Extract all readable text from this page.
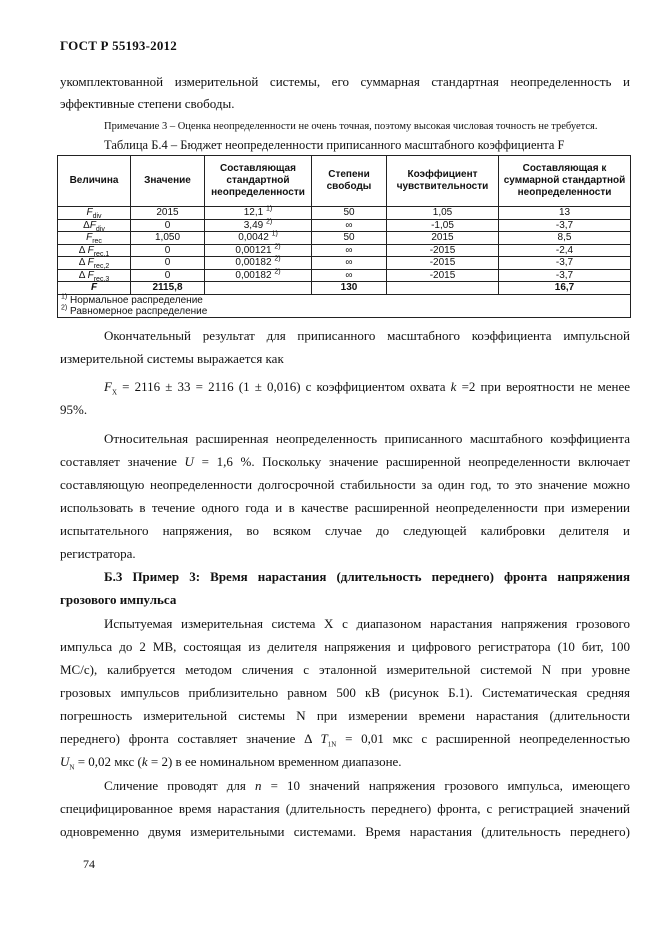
ГОСТ Р 55193-2012
укомплектованной измерительной системы, его суммарная стандартная неопределенность и
эффективные степени свободы.
Примечание 3 – Оценка неопределенности не очень точная, поэтому высокая числовая точность не требуется.
Таблица Б.4 – Бюджет неопределенности приписанного масштабного коэффициента F
Величина	Значение	Составляющая стандартной неопределенности	Степени свободы	Коэффициент чувствительности	Составляющая к суммарной стандартной неопределенности
$F_{div}$	2015	12,1 $^{1)}$	50	1,05	13
$\Delta F_{div}$	0	3,49 $^{2)}$	∞	-1,05	-3,7
$F_{rec}$	1,050	0,0042 $^{1)}$	50	2015	8,5
Δ $F_{rec,1}$	0	0,00121 $^{2)}$	∞	-2015	-2,4
Δ $F_{rec,2}$	0	0,00182 $^{2)}$	∞	-2015	-3,7
Δ $F_{rec,3}$	0	0,00182 $^{2)}$	∞	-2015	-3,7
F	2115,8		130		16,7

$^{1)}$ Нормальное распределение
$^{2)}$ Равномерное распределение					
Окончательный результат для приписанного масштабного коэффициента импульсной
измерительной системы выражается как
$F_X = 2116 \pm 33 = 2116$ (1 ± 0,016) с коэффициентом охвата k =2 при вероятности не менее
95%.
Относительная расширенная неопределенность приписанного масштабного коэффициента
составляет значение U = 1,6 %. Поскольку значение расширенной неопределенности включает
составляющую неопределенности долгосрочной стабильности за один год, то это значение можно
использовать в течение одного года и в качестве расширенной неопределенности при измерении
испытательного напряжения, во всяком случае до следующей калибровки делителя и
регистратора.
Б.3 Пример 3: Время нарастания (длительность переднего) фронта напряжения
грозового импульса
Испытуемая измерительная система X с диапазоном нарастания напряжения грозового
импульса до 2 МВ, состоящая из делителя напряжения и цифрового регистратора (10 бит, 100
МС/с), калибруется методом сличения с эталонной измерительной системой N при уровне
грозовых импульсов приблизительно равном 500 кВ (рисунок Б.1). Систематическая средняя
погрешность измерительной системы N при измерении времени нарастания (длительности
переднего) фронта составляет значение Δ $T_{1N} = 0,01$ мкс с расширенной неопределенностью
$U_N = 0,02$ мкс (k = 2) в ее номинальном временном диапазоне.
Сличение проводят для n = 10 значений напряжения грозового импульса, имеющего
специфицированное время нарастания (длительность переднего) фронта, с регистрацией значений
одновременно двумя измерительными системами. Время нарастания (длительность переднего)
74
